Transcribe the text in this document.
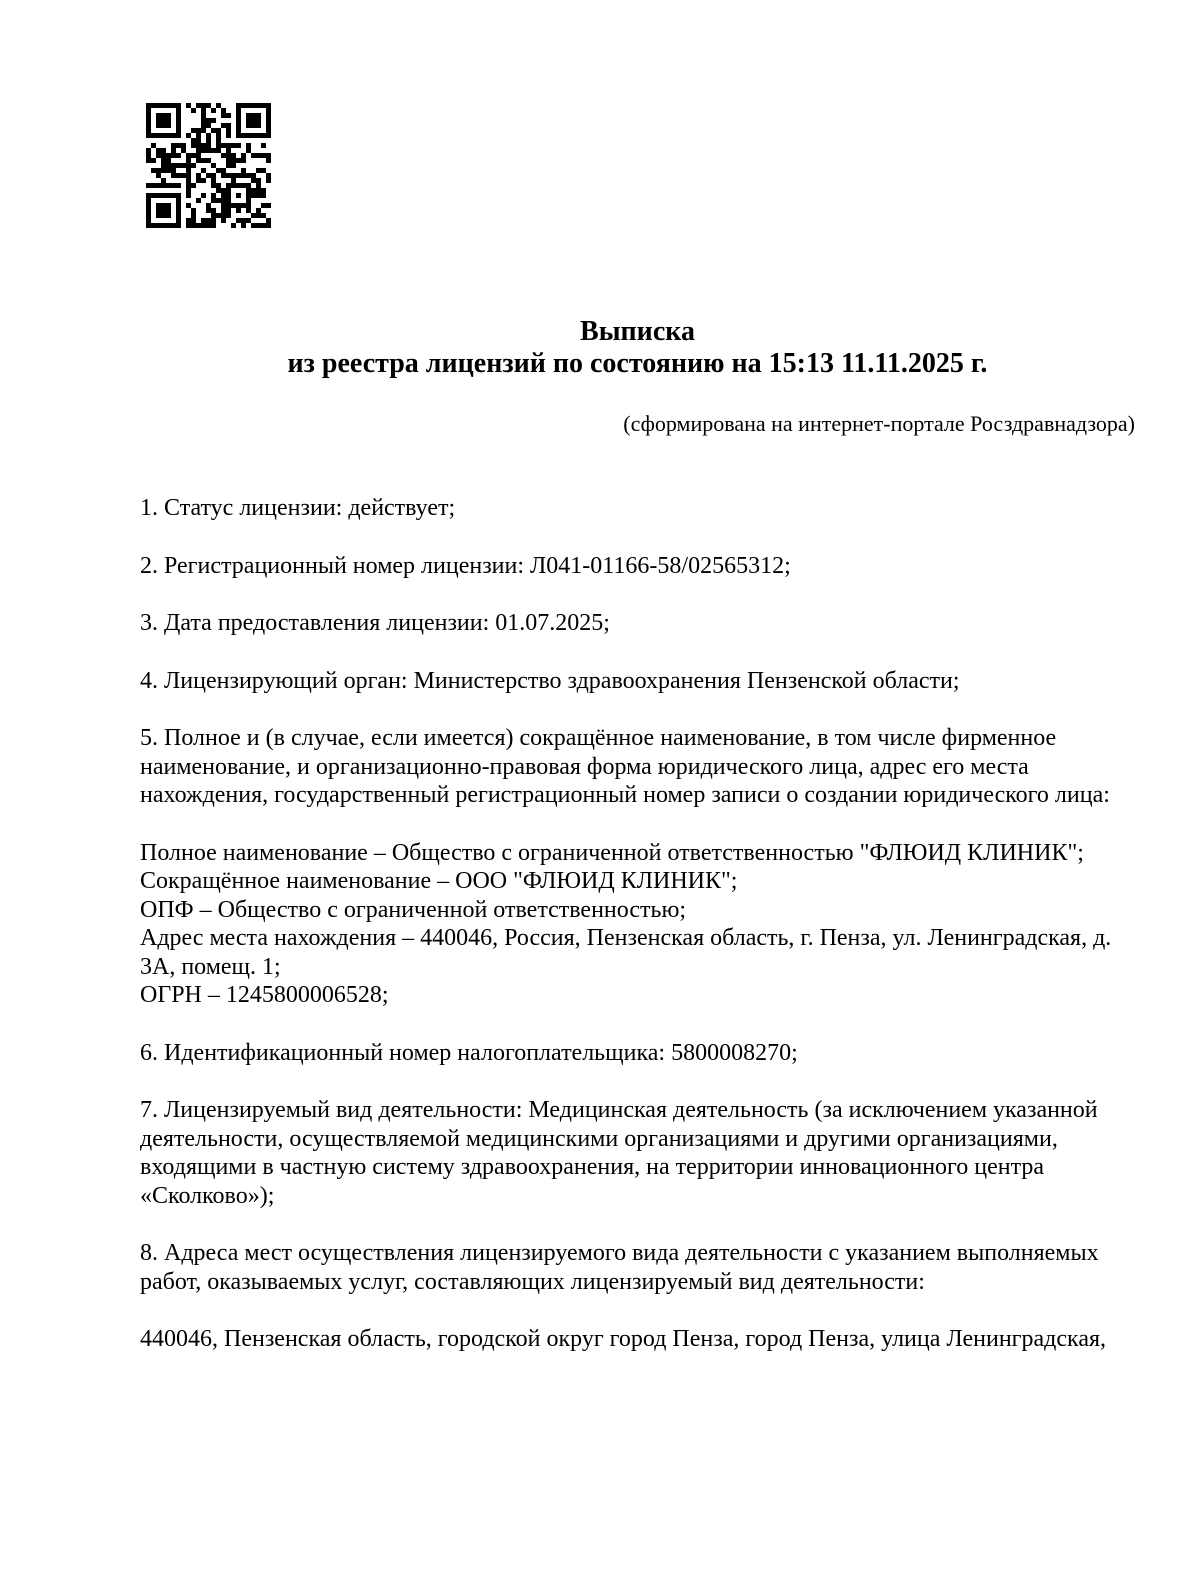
Выписка
из реестра лицензий по состоянию на 15:13 11.11.2025 г.
(сформирована на интернет-портале Росздравнадзора)
1. Статус лицензии: действует;
2. Регистрационный номер лицензии: Л041-01166-58/02565312;
3. Дата предоставления лицензии: 01.07.2025;
4. Лицензирующий орган: Министерство здравоохранения Пензенской области;
5. Полное и (в случае, если имеется) сокращённое наименование, в том числе фирменное
наименование, и организационно-правовая форма юридического лица, адрес его места
нахождения, государственный регистрационный номер записи о создании юридического лица:
Полное наименование – Общество с ограниченной ответственностью "ФЛЮИД КЛИНИК";
Сокращённое наименование – ООО "ФЛЮИД КЛИНИК";
ОПФ – Общество с ограниченной ответственностью;
Адрес места нахождения – 440046, Россия, Пензенская область, г. Пенза, ул. Ленинградская, д.
3А, помещ. 1;
ОГРН – 1245800006528;
6. Идентификационный номер налогоплательщика: 5800008270;
7. Лицензируемый вид деятельности: Медицинская деятельность (за исключением указанной
деятельности, осуществляемой медицинскими организациями и другими организациями,
входящими в частную систему здравоохранения, на территории инновационного центра
«Сколково»);
8. Адреса мест осуществления лицензируемого вида деятельности с указанием выполняемых
работ, оказываемых услуг, составляющих лицензируемый вид деятельности:
440046, Пензенская область, городской округ город Пенза, город Пенза, улица Ленинградская,
